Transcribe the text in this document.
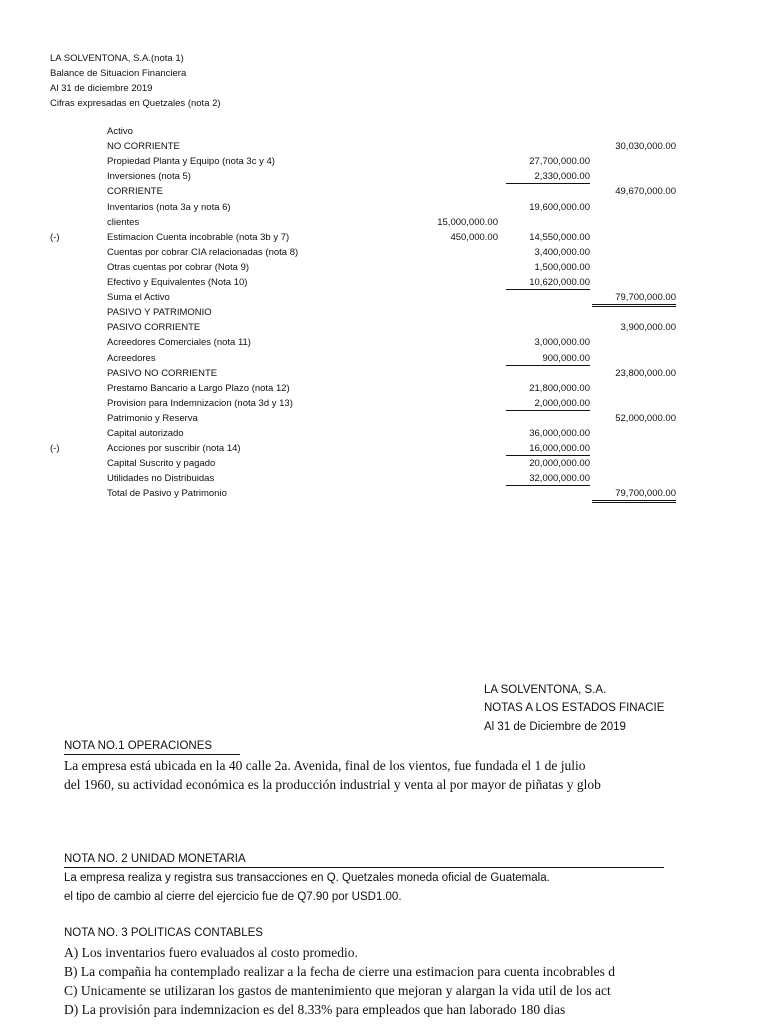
LA SOLVENTONA, S.A.(nota 1)
Balance de Situacion Financiera
Al 31 de diciembre 2019
Cifras expresadas en Quetzales (nota 2)
Activo
NO CORRIENTE	30,030,000.00
Propiedad Planta y Equipo (nota 3c y 4)	27,700,000.00
Inversiones (nota 5)	2,330,000.00
CORRIENTE	49,670,000.00
Inventarios (nota 3a y nota 6)	19,600,000.00
clientes	15,000,000.00
(-)	Estimacion Cuenta incobrable (nota 3b y 7)	450,000.00	14,550,000.00
Cuentas por cobrar CIA relacionadas (nota 8)	3,400,000.00
Otras cuentas por cobrar (Nota 9)	1,500,000.00
Efectivo y Equivalentes (Nota 10)	10,620,000.00
Suma el Activo	79,700,000.00
PASIVO Y PATRIMONIO
PASIVO CORRIENTE	3,900,000.00
Acreedores Comerciales (nota 11)	3,000,000.00
Acreedores	900,000.00
PASIVO NO CORRIENTE	23,800,000.00
Prestamo Bancario a Largo Plazo (nota 12)	21,800,000.00
Provision para Indemnizacion (nota 3d y 13)	2,000,000.00
Patrimonio y Reserva	52,000,000.00
Capital autorizado	36,000,000.00
(-)	Acciones por suscribir (nota 14)	16,000,000.00
Capital Suscrito y pagado	20,000,000.00
Utilidades no Distribuidas	32,000,000.00
Total de Pasivo y Patrimonio	79,700,000.00
LA SOLVENTONA, S.A.
NOTAS A LOS ESTADOS FINACIE
Al 31 de Diciembre de 2019
NOTA NO.1 OPERACIONES
La empresa está ubicada en la 40 calle 2a. Avenida, final de los vientos, fue fundada el 1 de julio
del 1960, su actividad económica es la producción industrial y venta al por mayor de piñatas y glob
NOTA NO. 2 UNIDAD MONETARIA
La empresa realiza y registra sus transacciones en Q. Quetzales moneda oficial de Guatemala.
el tipo de cambio al cierre del ejercicio fue de Q7.90 por USD1.00.
NOTA NO. 3 POLITICAS CONTABLES
A) Los inventarios fuero evaluados al costo promedio.
B) La compañia ha contemplado realizar a la fecha de cierre una estimacion para cuenta incobrables d
C) Unicamente se utilizaran los gastos de mantenimiento que mejoran y alargan la vida util de los act
D) La provisión para indemnizacion es del 8.33% para empleados que han laborado 180 dias
